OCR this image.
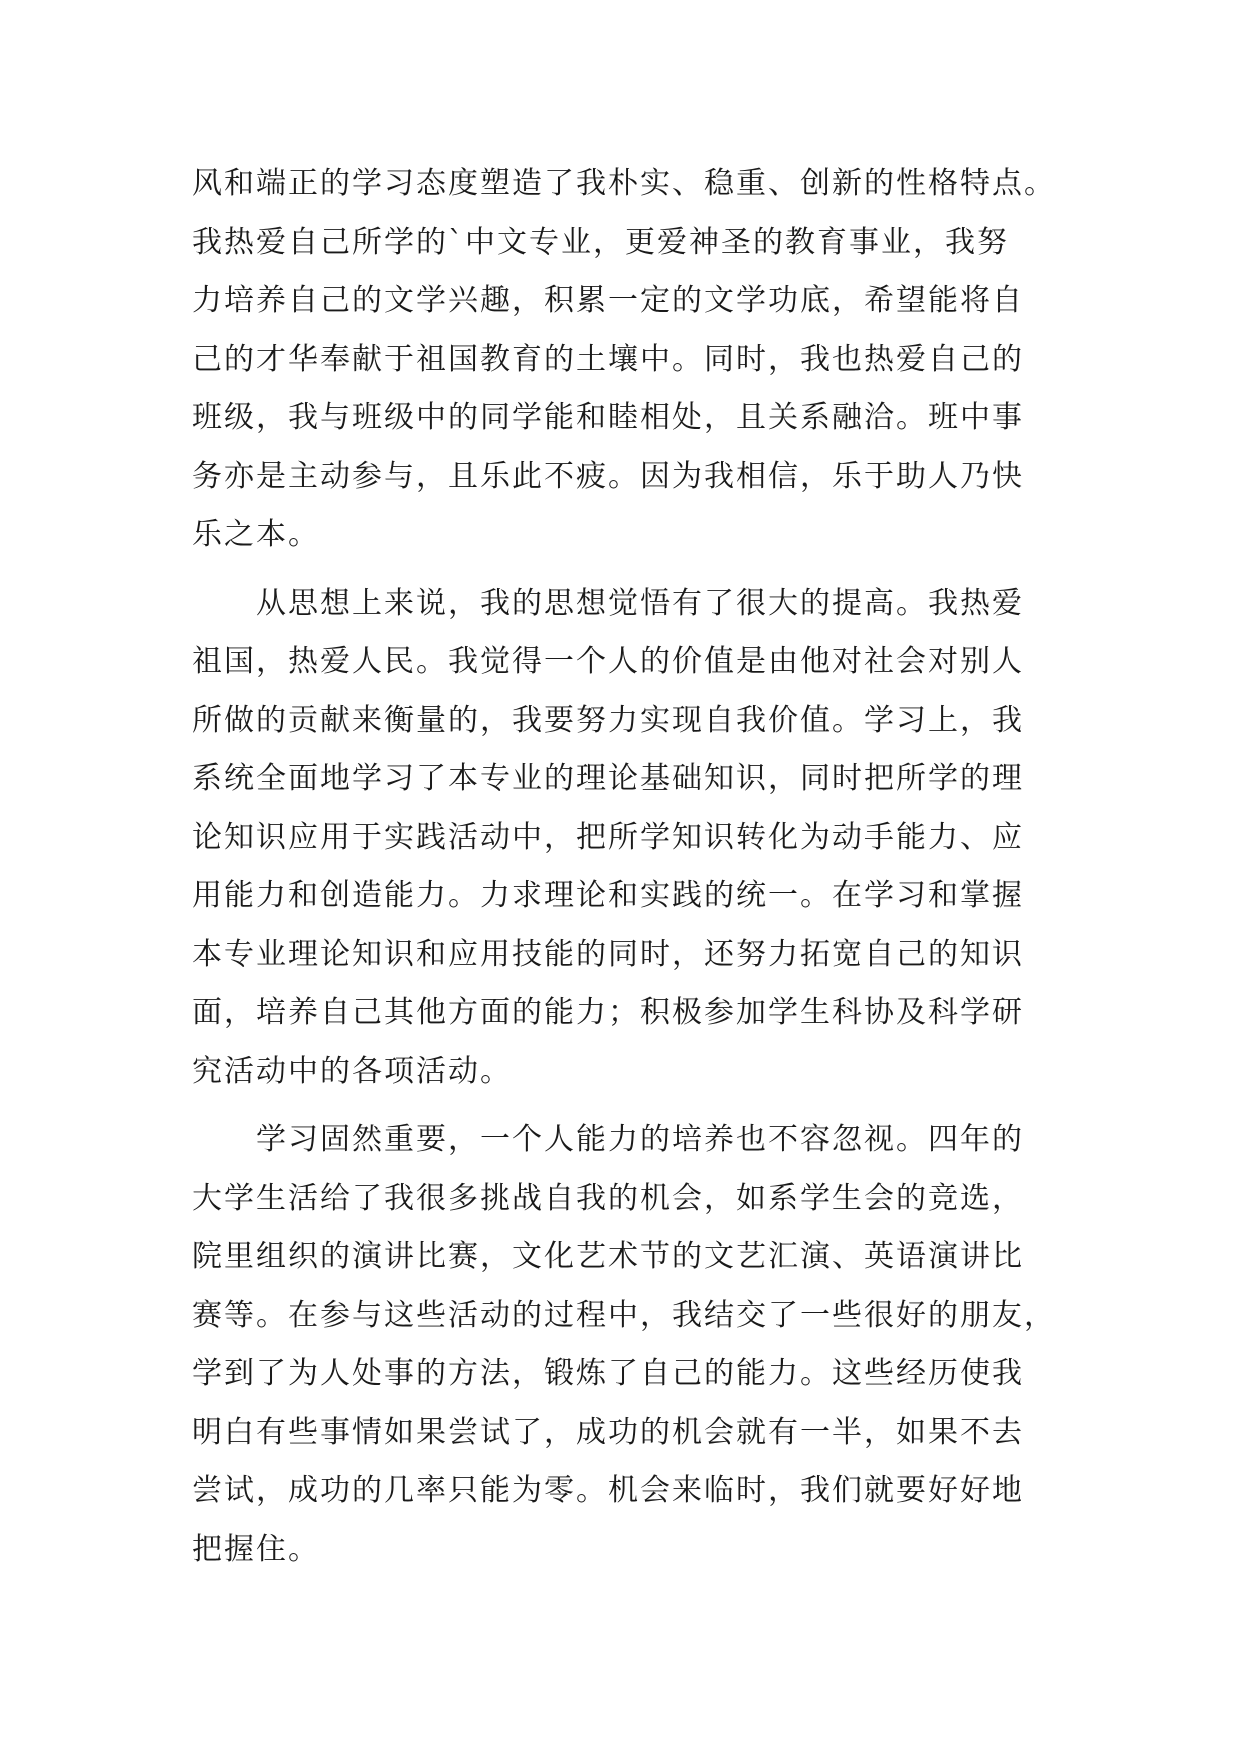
风和端正的学习态度塑造了我朴实、稳重、创新的性格特点。
我热爱自己所学的`中文专业，更爱神圣的教育事业，我努
力培养自己的文学兴趣，积累一定的文学功底，希望能将自
己的才华奉献于祖国教育的土壤中。同时，我也热爱自己的
班级，我与班级中的同学能和睦相处，且关系融洽。班中事
务亦是主动参与，且乐此不疲。因为我相信，乐于助人乃快
乐之本。
　　从思想上来说，我的思想觉悟有了很大的提高。我热爱
祖国，热爱人民。我觉得一个人的价值是由他对社会对别人
所做的贡献来衡量的，我要努力实现自我价值。学习上，我
系统全面地学习了本专业的理论基础知识，同时把所学的理
论知识应用于实践活动中，把所学知识转化为动手能力、应
用能力和创造能力。力求理论和实践的统一。在学习和掌握
本专业理论知识和应用技能的同时，还努力拓宽自己的知识
面，培养自己其他方面的能力；积极参加学生科协及科学研
究活动中的各项活动。
　　学习固然重要，一个人能力的培养也不容忽视。四年的
大学生活给了我很多挑战自我的机会，如系学生会的竞选，
院里组织的演讲比赛，文化艺术节的文艺汇演、英语演讲比
赛等。在参与这些活动的过程中，我结交了一些很好的朋友，
学到了为人处事的方法，锻炼了自己的能力。这些经历使我
明白有些事情如果尝试了，成功的机会就有一半，如果不去
尝试，成功的几率只能为零。机会来临时，我们就要好好地
把握住。
